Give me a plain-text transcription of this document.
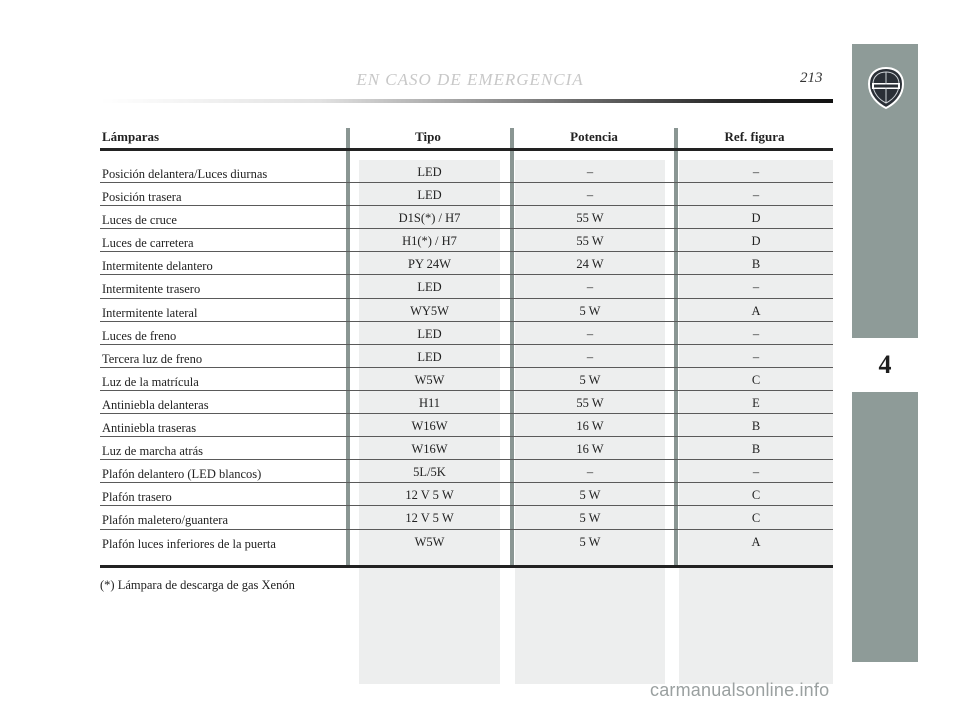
4
EN CASO DE EMERGENCIA	213
Lámparas	Tipo	Potencia	Ref. figura
Posición delantera/Luces diurnas	LED	–	–
Posición trasera	LED	–	–
Luces de cruce	D1S(*) / H7	55 W	D
Luces de carretera	H1(*) / H7	55 W	D
Intermitente delantero	PY 24W	24 W	B
Intermitente trasero	LED	–	–
Intermitente lateral	WY5W	5 W	A
Luces de freno	LED	–	–
Tercera luz de freno	LED	–	–
Luz de la matrícula	W5W	5 W	C
Antiniebla delanteras	H11	55 W	E
Antiniebla traseras	W16W	16 W	B
Luz de marcha atrás	W16W	16 W	B
Plafón delantero (LED blancos)	5L/5K	–	–
Plafón trasero	12 V 5 W	5 W	C
Plafón maletero/guantera	12 V 5 W	5 W	C
Plafón luces inferiores de la puerta	W5W	5 W	A
(*) Lámpara de descarga de gas Xenón
carmanualsonline.info
